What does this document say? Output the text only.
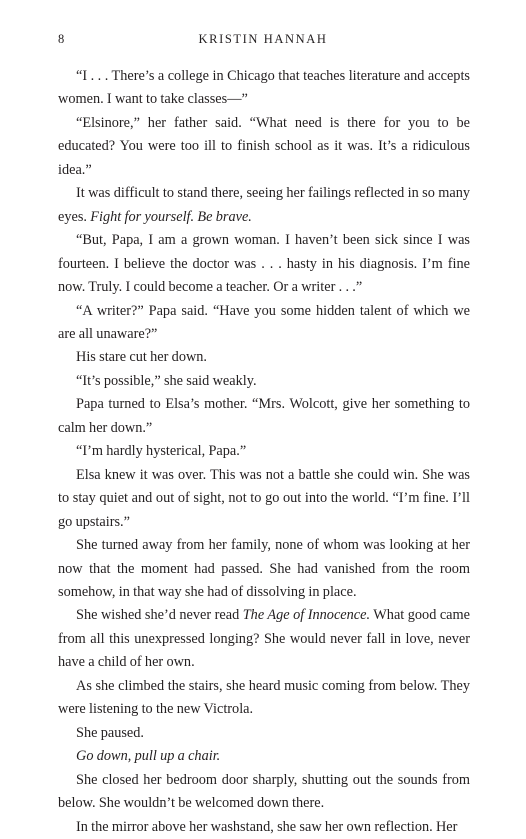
8	KRISTIN HANNAH

“I . . . There’s a college in Chicago that teaches literature and accepts women. I want to take classes—”

“Elsinore,” her father said. “What need is there for you to be educated? You were too ill to finish school as it was. It’s a ridiculous idea.”

It was difficult to stand there, seeing her failings reflected in so many eyes. Fight for yourself. Be brave.

“But, Papa, I am a grown woman. I haven’t been sick since I was fourteen. I believe the doctor was . . . hasty in his diagnosis. I’m fine now. Truly. I could become a teacher. Or a writer . . .”

“A writer?” Papa said. “Have you some hidden talent of which we are all unaware?”

His stare cut her down.

“It’s possible,” she said weakly.

Papa turned to Elsa’s mother. “Mrs. Wolcott, give her something to calm her down.”

“I’m hardly hysterical, Papa.”

Elsa knew it was over. This was not a battle she could win. She was to stay quiet and out of sight, not to go out into the world. “I’m fine. I’ll go upstairs.”

She turned away from her family, none of whom was looking at her now that the moment had passed. She had vanished from the room somehow, in that way she had of dissolving in place.

She wished she’d never read The Age of Innocence. What good came from all this unexpressed longing? She would never fall in love, never have a child of her own.

As she climbed the stairs, she heard music coming from below. They were listening to the new Victrola.

She paused.

Go down, pull up a chair.

She closed her bedroom door sharply, shutting out the sounds from below. She wouldn’t be welcomed down there.

In the mirror above her washstand, she saw her own reflection. Her
